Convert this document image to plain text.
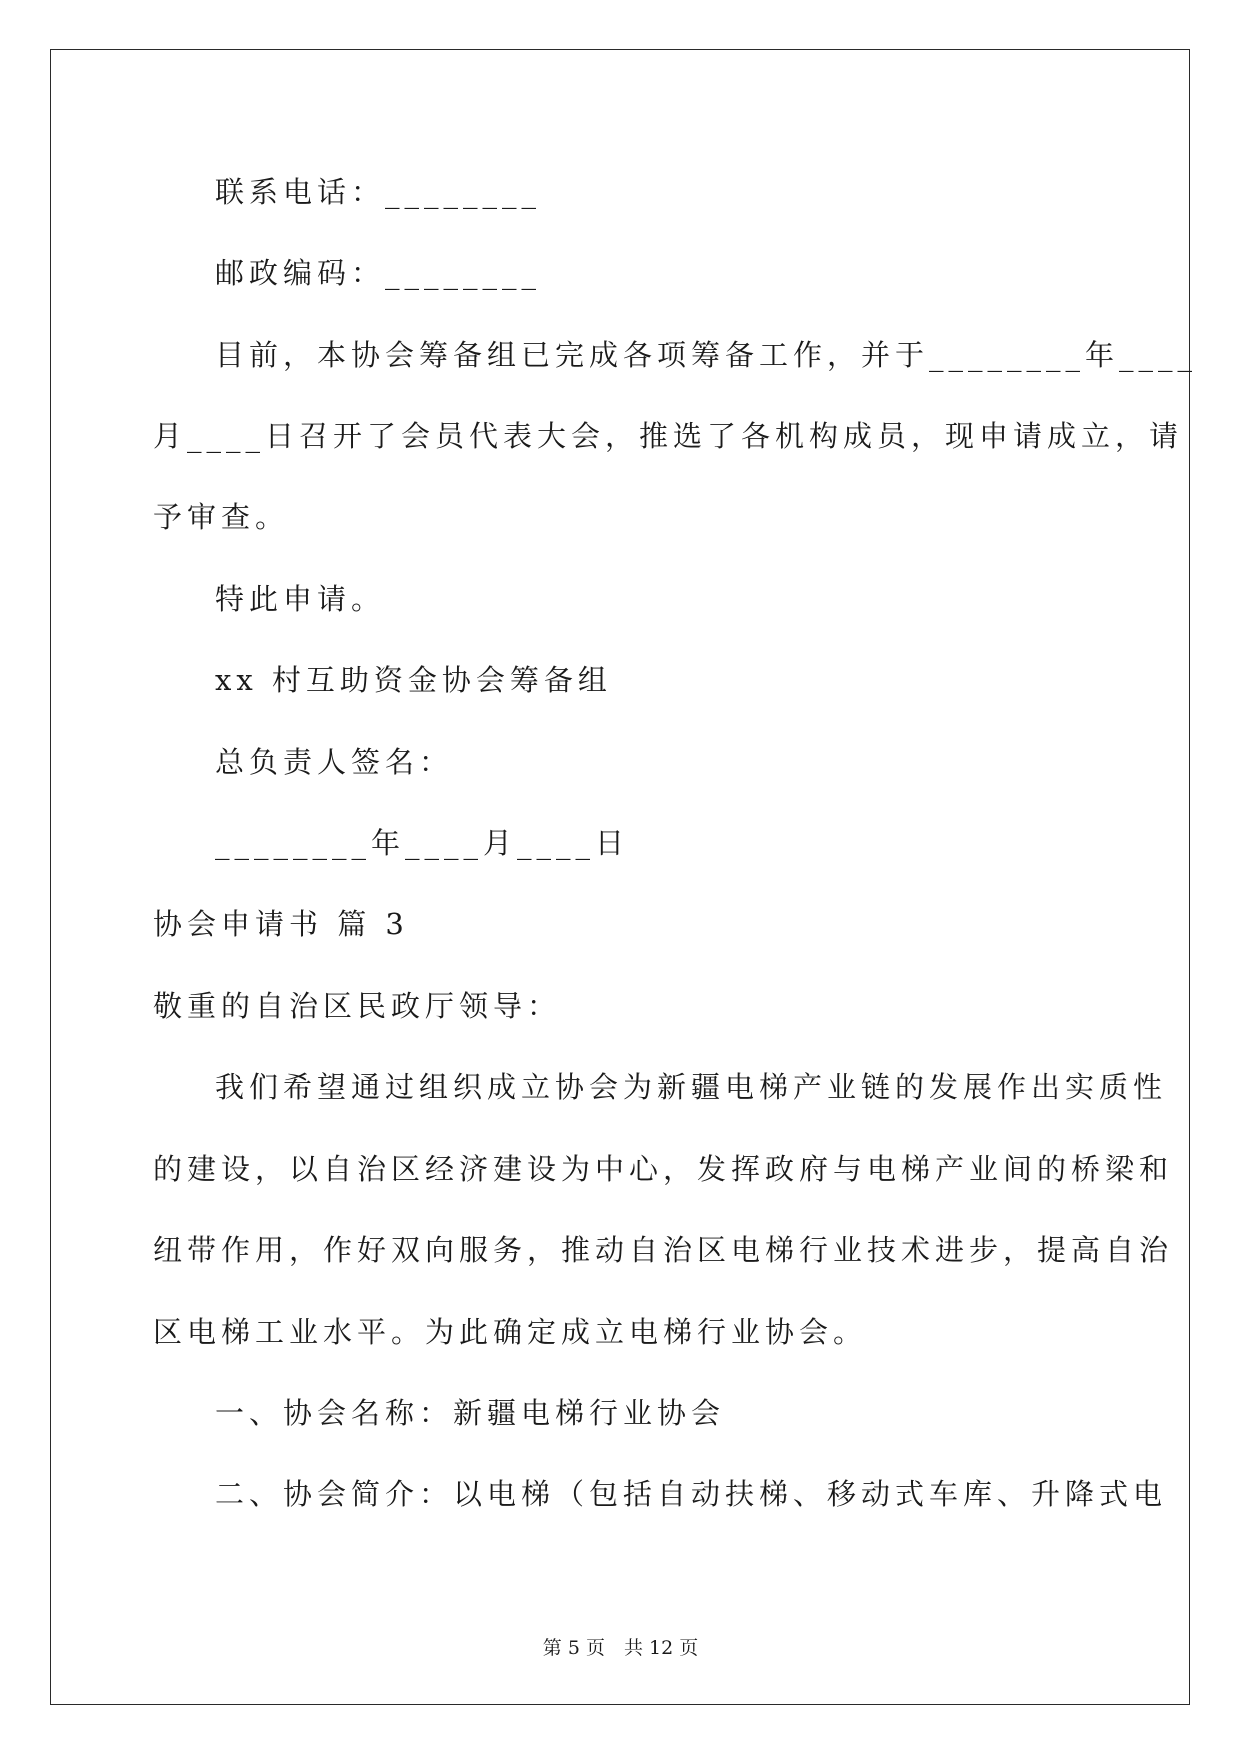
联系电话：________
邮政编码：________
目前，本协会筹备组已完成各项筹备工作，并于________年____
月____日召开了会员代表大会，推选了各机构成员，现申请成立，请
予审查。
特此申请。
xx 村互助资金协会筹备组
总负责人签名：
________年____月____日
协会申请书 篇 3
敬重的自治区民政厅领导：
我们希望通过组织成立协会为新疆电梯产业链的发展作出实质性
的建设，以自治区经济建设为中心，发挥政府与电梯产业间的桥梁和
纽带作用，作好双向服务，推动自治区电梯行业技术进步，提高自治
区电梯工业水平。为此确定成立电梯行业协会。
一、协会名称：新疆电梯行业协会
二、协会简介：以电梯（包括自动扶梯、移动式车库、升降式电
第 5 页　共 12 页
